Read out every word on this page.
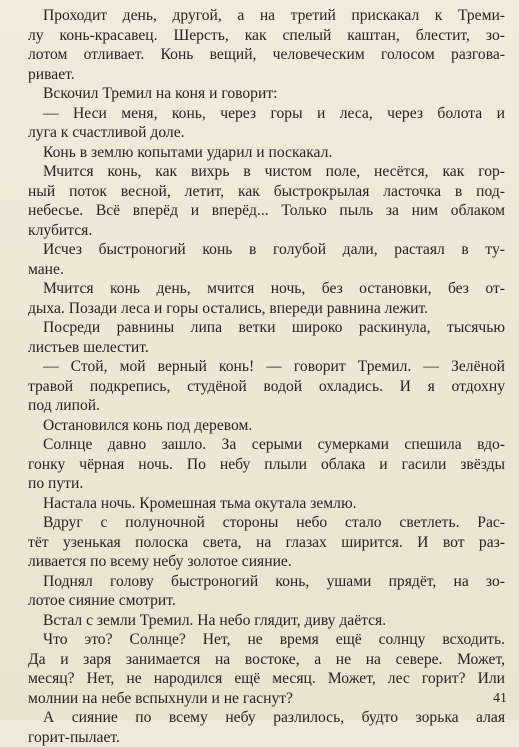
Проходит день, другой, а на третий прискакал к Треми-
лу конь-красавец. Шерсть, как спелый каштан, блестит, зо-
лотом отливает. Конь вещий, человеческим голосом разгова-
ривает.
Вскочил Тремил на коня и говорит:
— Неси меня, конь, через горы и леса, через болота и
луга к счастливой доле.
Конь в землю копытами ударил и поскакал.
Мчится конь, как вихрь в чистом поле, несётся, как гор-
ный поток весной, летит, как быстрокрылая ласточка в под-
небесье. Всё вперёд и вперёд... Только пыль за ним облаком
клубится.
Исчез быстроногий конь в голубой дали, растаял в ту-
мане.
Мчится конь день, мчится ночь, без остановки, без от-
дыха. Позади леса и горы остались, впереди равнина лежит.
Посреди равнины липа ветки широко раскинула, тысячью
листьев шелестит.
— Стой, мой верный конь! — говорит Тремил. — Зелёной
травой подкрепись, студёной водой охладись. И я отдохну
под липой.
Остановился конь под деревом.
Солнце давно зашло. За серыми сумерками спешила вдо-
гонку чёрная ночь. По небу плыли облака и гасили звёзды
по пути.
Настала ночь. Кромешная тьма окутала землю.
Вдруг с полуночной стороны небо стало светлеть. Рас-
тёт узенькая полоска света, на глазах ширится. И вот раз-
ливается по всему небу золотое сияние.
Поднял голову быстроногий конь, ушами прядёт, на зо-
лотое сияние смотрит.
Встал с земли Тремил. На небо глядит, диву даётся.
Что это? Солнце? Нет, не время ещё солнцу всходить.
Да и заря занимается на востоке, а не на севере. Может,
месяц? Нет, не народился ещё месяц. Может, лес горит? Или
молнии на небе вспыхнули и не гаснут?
А сияние по всему небу разлилось, будто зорька алая
горит-пылает.
41
